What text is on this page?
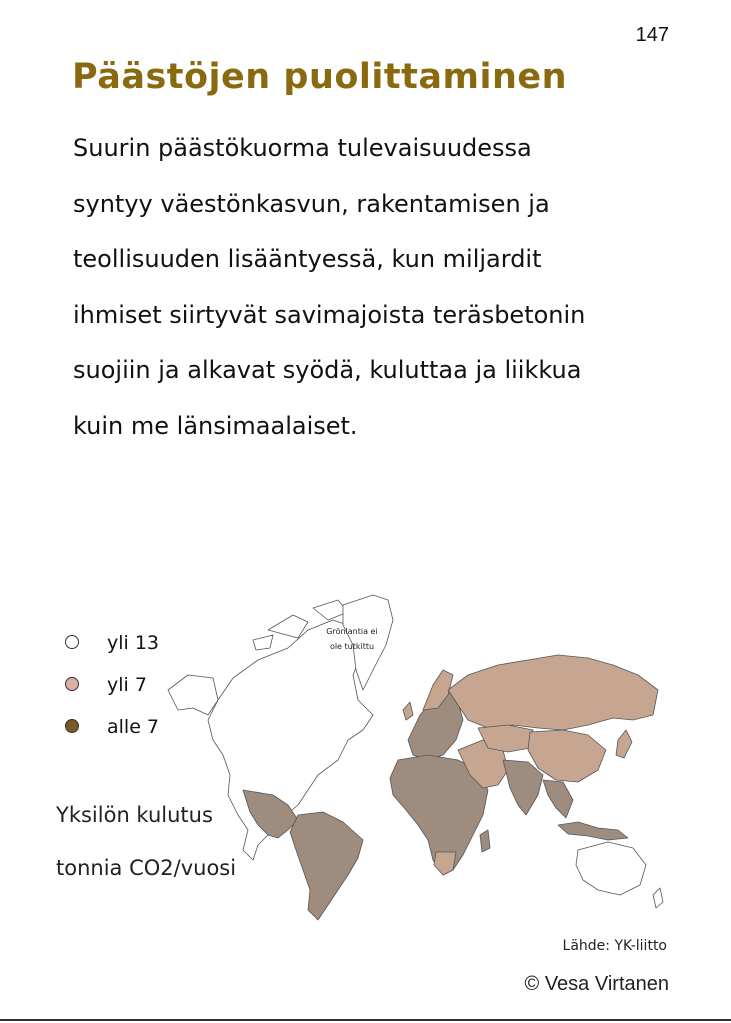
147
Päästöjen puolittaminen
Suurin päästökuorma tulevaisuudessa
syntyy väestönkasvun, rakentamisen ja
teollisuuden lisääntyessä, kun miljardit
ihmiset siirtyvät savimajoista teräsbetonin
suojiin ja alkavat syödä, kuluttaa ja liikkua
kuin me länsimaalaiset.
Grönlantia ei
ole tutkittu
yli 13
yli 7
alle 7
Yksilön kulutus
tonnia CO2/vuosi
Lähde: YK-liitto
© Vesa Virtanen
